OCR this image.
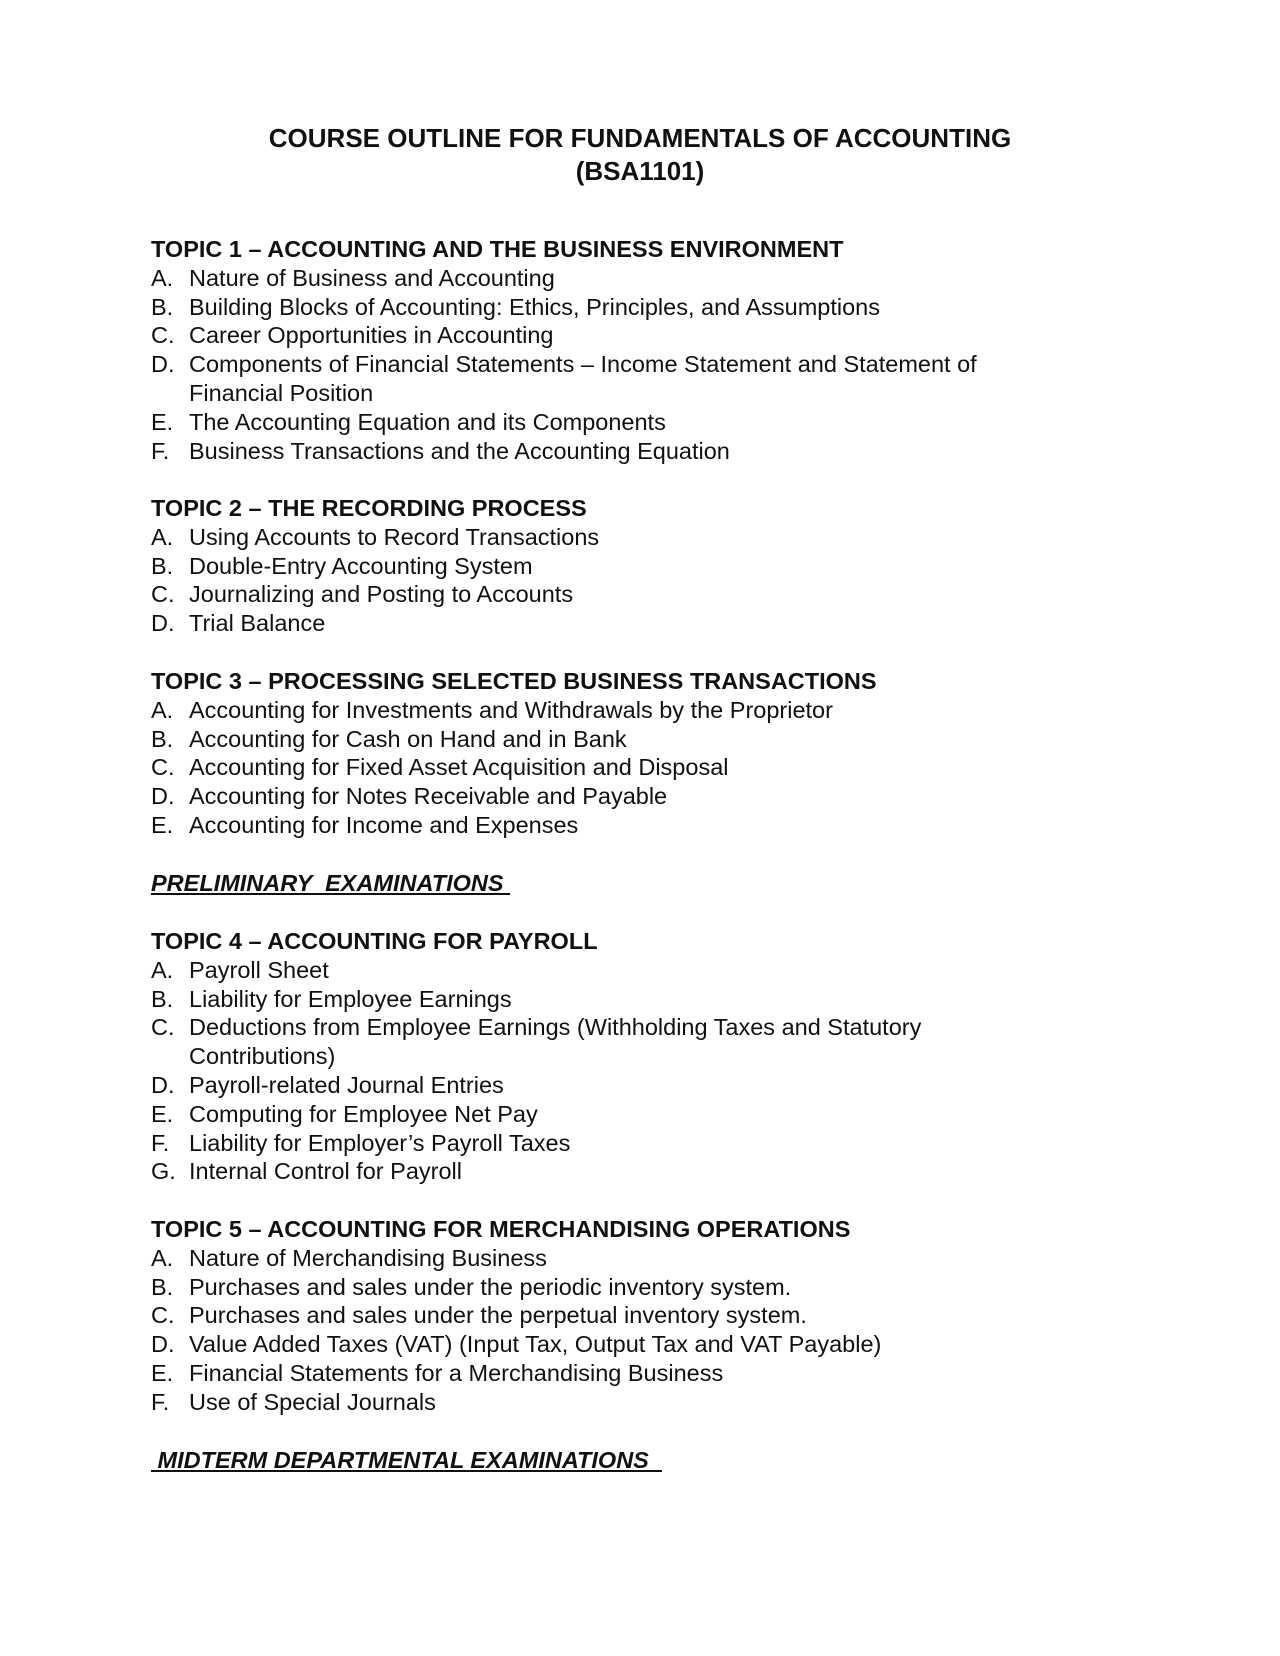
COURSE OUTLINE FOR FUNDAMENTALS OF ACCOUNTING
(BSA1101)
TOPIC 1 – ACCOUNTING AND THE BUSINESS ENVIRONMENT
A. Nature of Business and Accounting
B. Building Blocks of Accounting: Ethics, Principles, and Assumptions
C. Career Opportunities in Accounting
D. Components of Financial Statements – Income Statement and Statement of Financial Position
E. The Accounting Equation and its Components
F. Business Transactions and the Accounting Equation
TOPIC 2 – THE RECORDING PROCESS
A. Using Accounts to Record Transactions
B. Double-Entry Accounting System
C. Journalizing and Posting to Accounts
D. Trial Balance
TOPIC 3 – PROCESSING SELECTED BUSINESS TRANSACTIONS
A. Accounting for Investments and Withdrawals by the Proprietor
B. Accounting for Cash on Hand and in Bank
C. Accounting for Fixed Asset Acquisition and Disposal
D. Accounting for Notes Receivable and Payable
E. Accounting for Income and Expenses
PRELIMINARY  EXAMINATIONS
TOPIC 4 – ACCOUNTING FOR PAYROLL
A. Payroll Sheet
B. Liability for Employee Earnings
C. Deductions from Employee Earnings (Withholding Taxes and Statutory Contributions)
D. Payroll-related Journal Entries
E. Computing for Employee Net Pay
F. Liability for Employer’s Payroll Taxes
G. Internal Control for Payroll
TOPIC 5 – ACCOUNTING FOR MERCHANDISING OPERATIONS
A. Nature of Merchandising Business
B. Purchases and sales under the periodic inventory system.
C. Purchases and sales under the perpetual inventory system.
D. Value Added Taxes (VAT) (Input Tax, Output Tax and VAT Payable)
E. Financial Statements for a Merchandising Business
F. Use of Special Journals
MIDTERM DEPARTMENTAL EXAMINATIONS
